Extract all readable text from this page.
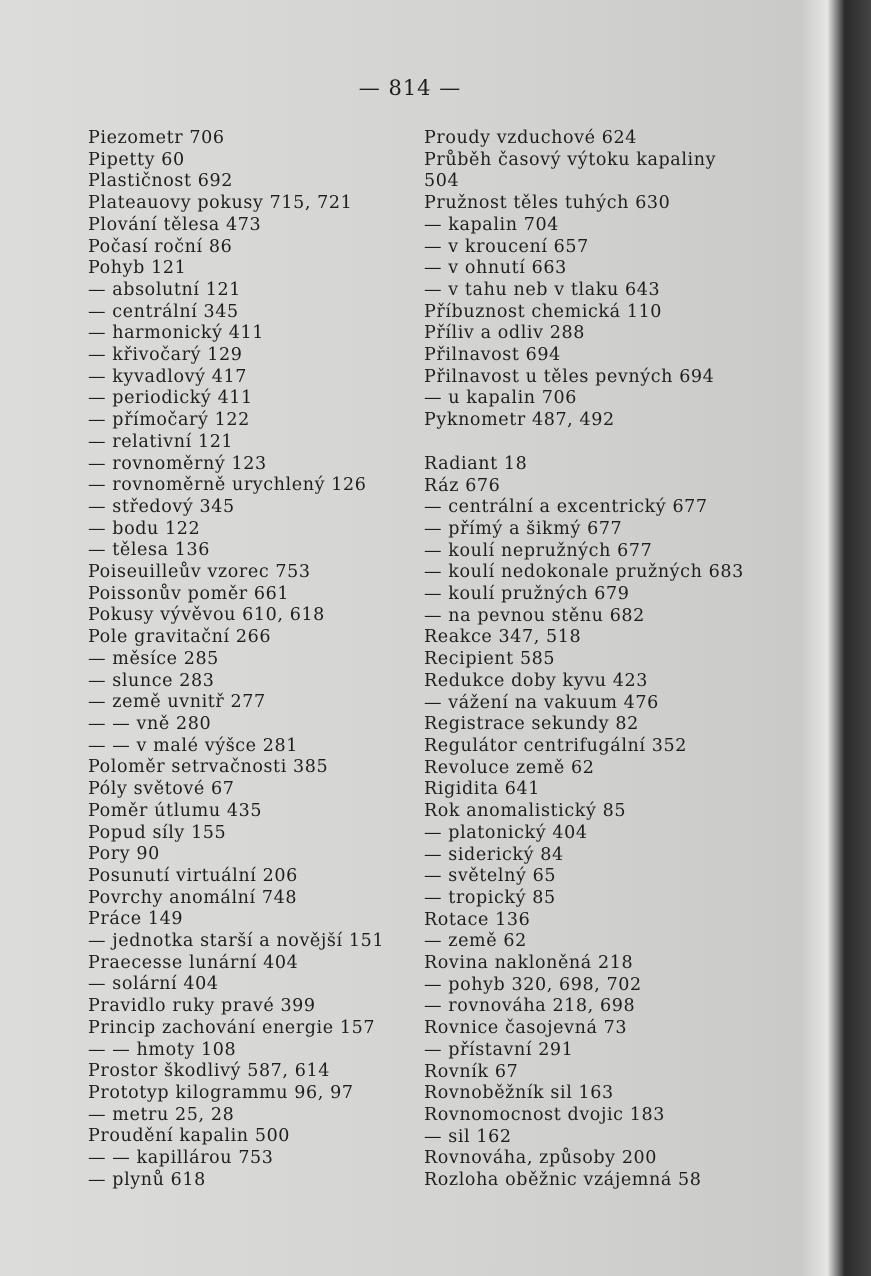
— 814 —
Piezometr 706
Pipetty 60
Plastičnost 692
Plateauovy pokusy 715, 721
Plování tělesa 473
Počasí roční 86
Pohyb 121
— absolutní 121
— centrální 345
— harmonický 411
— křivočarý 129
— kyvadlový 417
— periodický 411
— přímočarý 122
— relativní 121
— rovnoměrný 123
— rovnoměrně urychlený 126
— středový 345
— bodu 122
— tělesa 136
Poiseuilleův vzorec 753
Poissonův poměr 661
Pokusy vývěvou 610, 618
Pole gravitační 266
— měsíce 285
— slunce 283
— země uvnitř 277
— — vně 280
— — v malé výšce 281
Poloměr setrvačnosti 385
Póly světové 67
Poměr útlumu 435
Popud síly 155
Pory 90
Posunutí virtuální 206
Povrchy anomální 748
Práce 149
— jednotka starší a novější 151
Praecesse lunární 404
— solární 404
Pravidlo ruky pravé 399
Princip zachování energie 157
— — hmoty 108
Prostor škodlivý 587, 614
Prototyp kilogrammu 96, 97
— metru 25, 28
Proudění kapalin 500
— — kapillárou 753
— plynů 618
Proudy vzduchové 624
Průběh časový výtoku kapaliny
504
Pružnost těles tuhých 630
— kapalin 704
— v kroucení 657
— v ohnutí 663
— v tahu neb v tlaku 643
Příbuznost chemická 110
Příliv a odliv 288
Přilnavost 694
Přilnavost u těles pevných 694
— u kapalin 706
Pyknometr 487, 492
Radiant 18
Ráz 676
— centrální a excentrický 677
— přímý a šikmý 677
— koulí nepružných 677
— koulí nedokonale pružných 683
— koulí pružných 679
— na pevnou stěnu 682
Reakce 347, 518
Recipient 585
Redukce doby kyvu 423
— vážení na vakuum 476
Registrace sekundy 82
Regulátor centrifugální 352
Revoluce země 62
Rigidita 641
Rok anomalistický 85
— platonický 404
— siderický 84
— světelný 65
— tropický 85
Rotace 136
— země 62
Rovina nakloněná 218
— pohyb 320, 698, 702
— rovnováha 218, 698
Rovnice časojevná 73
— přístavní 291
Rovník 67
Rovnoběžník sil 163
Rovnomocnost dvojic 183
— sil 162
Rovnováha, způsoby 200
Rozloha oběžnic vzájemná 58
